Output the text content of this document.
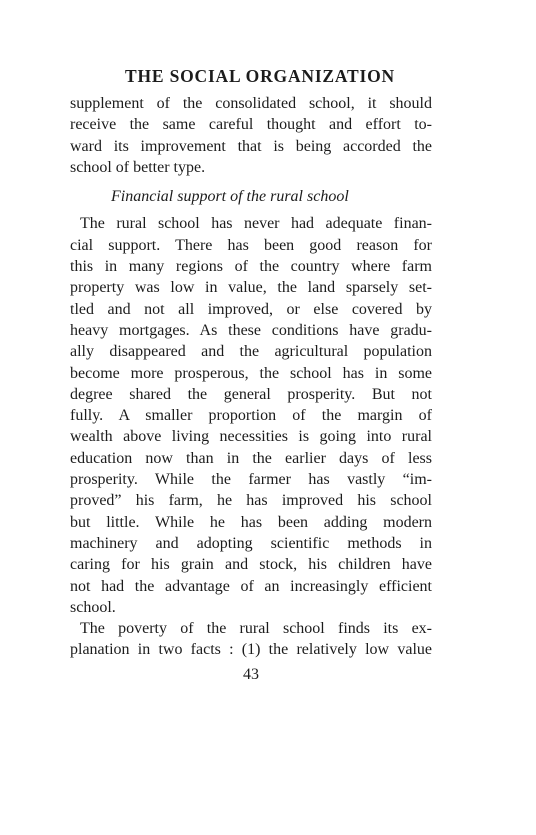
THE SOCIAL ORGANIZATION
supplement of the consolidated school, it should
receive the same careful thought and effort to-
ward its improvement that is being accorded the
school of better type.
Financial support of the rural school
The rural school has never had adequate finan-
cial support. There has been good reason for
this in many regions of the country where farm
property was low in value, the land sparsely set-
tled and not all improved, or else covered by
heavy mortgages. As these conditions have gradu-
ally disappeared and the agricultural population
become more prosperous, the school has in some
degree shared the general prosperity. But not
fully. A smaller proportion of the margin of
wealth above living necessities is going into rural
education now than in the earlier days of less
prosperity. While the farmer has vastly “im-
proved” his farm, he has improved his school
but little. While he has been adding modern
machinery and adopting scientific methods in
caring for his grain and stock, his children have
not had the advantage of an increasingly efficient
school.
The poverty of the rural school finds its ex-
planation in two facts : (1) the relatively low value
43
